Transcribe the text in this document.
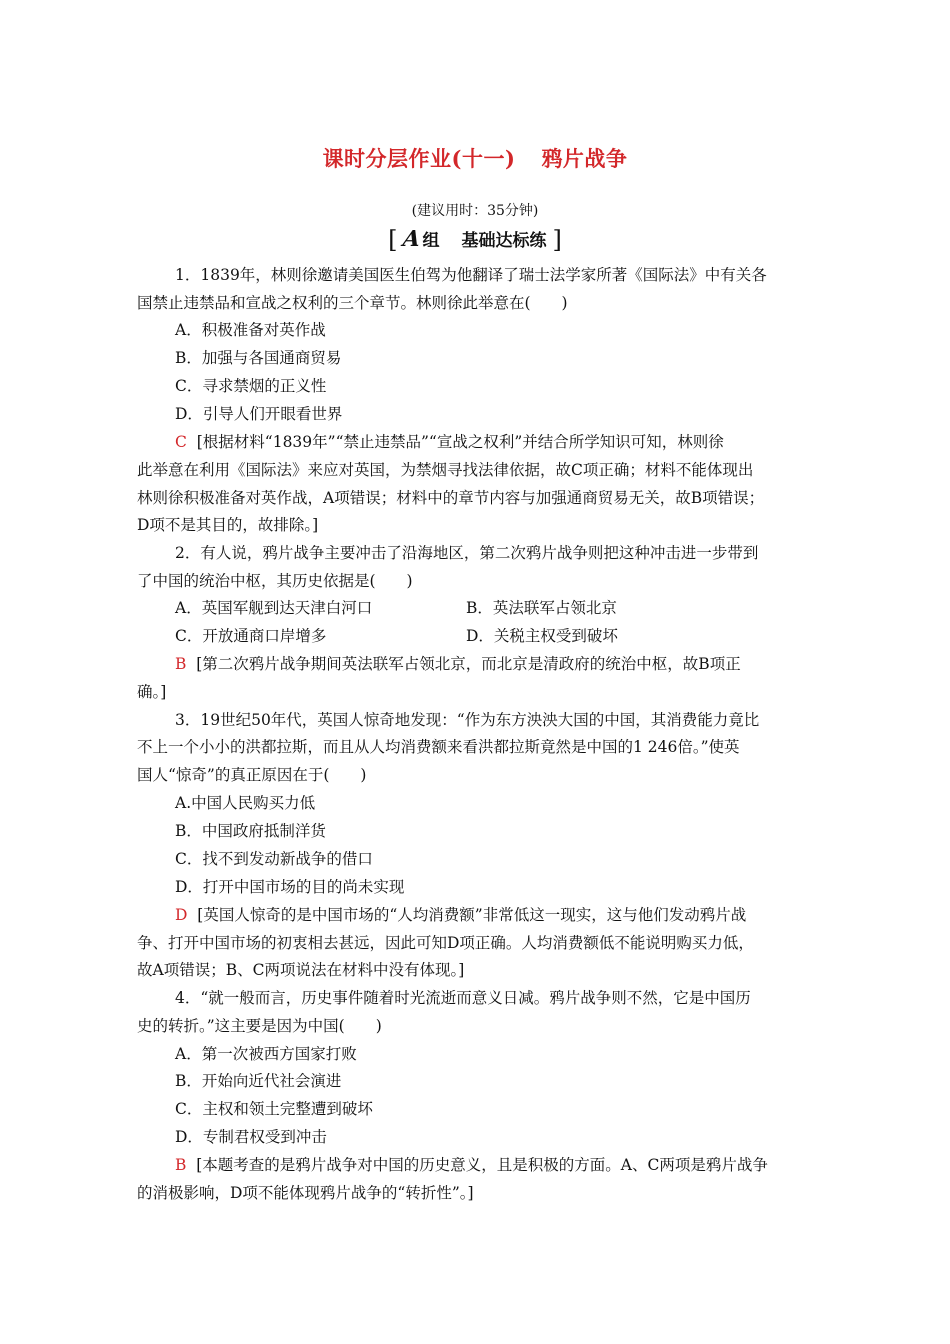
课时分层作业(十一) 鸦片战争
(建议用时：35分钟)
[ A组 基础达标练 ]
1．1839年，林则徐邀请美国医生伯驾为他翻译了瑞士法学家所著《国际法》中有关各
国禁止违禁品和宣战之权利的三个章节。林则徐此举意在(　　)
A．积极准备对英作战
B．加强与各国通商贸易
C．寻求禁烟的正义性
D．引导人们开眼看世界
C [根据材料“1839年”“禁止违禁品”“宣战之权利”并结合所学知识可知，林则徐
此举意在利用《国际法》来应对英国，为禁烟寻找法律依据，故C项正确；材料不能体现出
林则徐积极准备对英作战，A项错误；材料中的章节内容与加强通商贸易无关，故B项错误；
D项不是其目的，故排除。]
2．有人说，鸦片战争主要冲击了沿海地区，第二次鸦片战争则把这种冲击进一步带到
了中国的统治中枢，其历史依据是(　　)
A．英国军舰到达天津白河口	B．英法联军占领北京
C．开放通商口岸增多	D．关税主权受到破坏
B [第二次鸦片战争期间英法联军占领北京，而北京是清政府的统治中枢，故B项正
确。]
3．19世纪50年代，英国人惊奇地发现：“作为东方泱泱大国的中国，其消费能力竟比
不上一个小小的洪都拉斯，而且从人均消费额来看洪都拉斯竟然是中国的1 246倍。”使英
国人“惊奇”的真正原因在于(　　)
A.中国人民购买力低
B．中国政府抵制洋货
C．找不到发动新战争的借口
D．打开中国市场的目的尚未实现
D [英国人惊奇的是中国市场的“人均消费额”非常低这一现实，这与他们发动鸦片战
争、打开中国市场的初衷相去甚远，因此可知D项正确。人均消费额低不能说明购买力低，
故A项错误；B、C两项说法在材料中没有体现。]
4．“就一般而言，历史事件随着时光流逝而意义日减。鸦片战争则不然，它是中国历
史的转折。”这主要是因为中国(　　)
A．第一次被西方国家打败
B．开始向近代社会演进
C．主权和领土完整遭到破坏
D．专制君权受到冲击
B [本题考查的是鸦片战争对中国的历史意义，且是积极的方面。A、C两项是鸦片战争
的消极影响，D项不能体现鸦片战争的“转折性”。]
